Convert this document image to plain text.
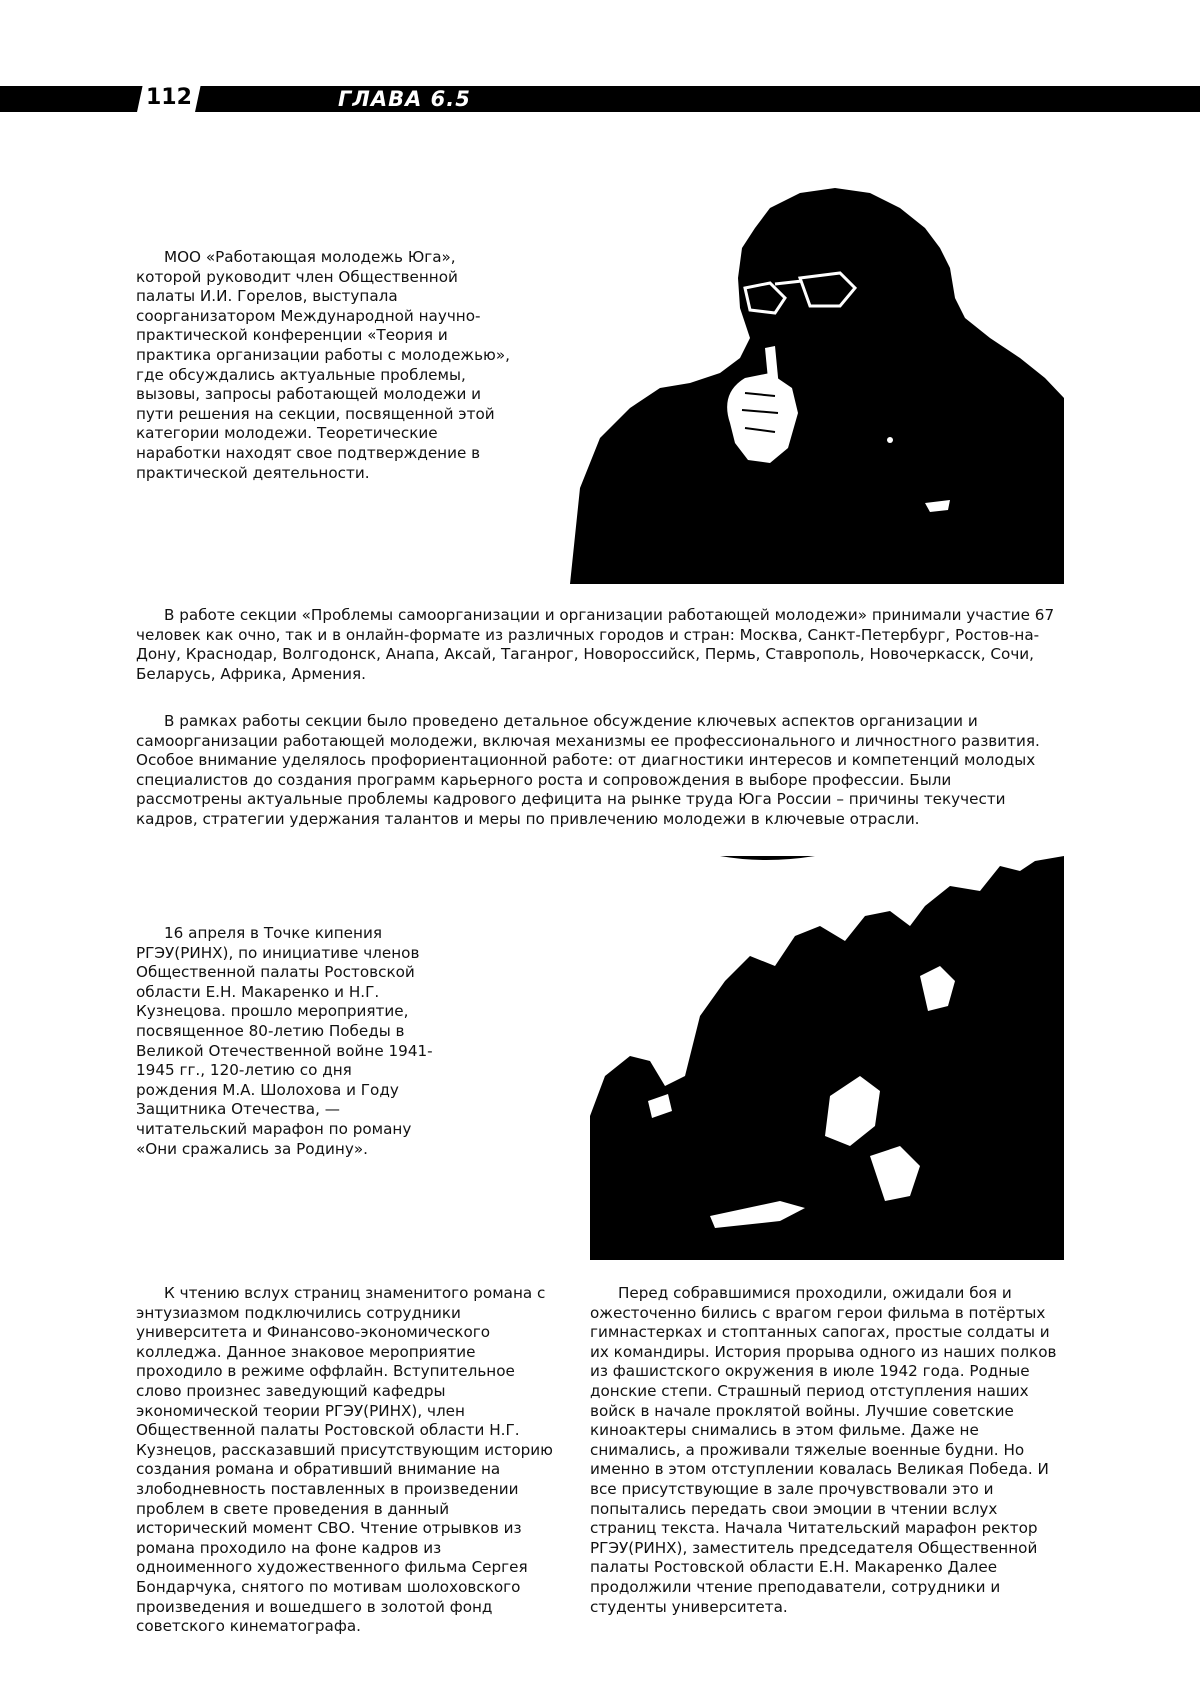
112	ГЛАВА 6.5

МОО «Работающая молодежь Юга», которой руководит член Общественной палаты И.И. Горелов, выступала соорганизатором Международной научно-практической конференции «Теория и практика организации работы с молодежью», где обсуждались актуальные проблемы, вызовы, запросы работающей молодежи и пути решения на секции, посвященной этой категории молодежи. Теоретические наработки находят свое подтверждение в практической деятельности.

В работе секции «Проблемы самоорганизации и организации работающей молодежи» принимали участие 67 человек как очно, так и в онлайн-формате из различных городов и стран: Москва, Санкт-Петербург, Ростов-на-Дону, Краснодар, Волгодонск, Анапа, Аксай, Таганрог, Новороссийск, Пермь, Ставрополь, Новочеркасск, Сочи, Беларусь, Африка, Армения.

В рамках работы секции было проведено детальное обсуждение ключевых аспектов организации и самоорганизации работающей молодежи, включая механизмы ее профессионального и личностного развития. Особое внимание уделялось профориентационной работе: от диагностики интересов и компетенций молодых специалистов до создания программ карьерного роста и сопровождения в выборе профессии. Были рассмотрены актуальные проблемы кадрового дефицита на рынке труда Юга России – причины текучести кадров, стратегии удержания талантов и меры по привлечению молодежи в ключевые отрасли.

16 апреля в Точке кипения РГЭУ(РИНХ), по инициативе членов Общественной палаты Ростовской области Е.Н. Макаренко и Н.Г. Кузнецова. прошло мероприятие, посвященное 80-летию Победы в Великой Отечественной войне 1941-1945 гг., 120-летию со дня рождения М.А. Шолохова и Году Защитника Отечества, — читательский марафон по роману «Они сражались за Родину».

К чтению вслух страниц знаменитого романа с энтузиазмом подключились сотрудники университета и Финансово-экономического колледжа. Данное знаковое мероприятие проходило в режиме оффлайн. Вступительное слово произнес заведующий кафедры экономической теории РГЭУ(РИНХ), член Общественной палаты Ростовской области Н.Г. Кузнецов, рассказавший присутствующим историю создания романа и обративший внимание на злободневность поставленных в произведении проблем в свете проведения в данный исторический момент СВО. Чтение отрывков из романа проходило на фоне кадров из одноименного художественного фильма Сергея Бондарчука, снятого по мотивам шолоховского произведения и вошедшего в золотой фонд советского кинематографа.

Перед собравшимися проходили, ожидали боя и ожесточенно бились с врагом герои фильма в потёртых гимнастерках и стоптанных сапогах, простые солдаты и их командиры. История прорыва одного из наших полков из фашистского окружения в июле 1942 года. Родные донские степи. Страшный период отступления наших войск в начале проклятой войны. Лучшие советские киноактеры снимались в этом фильме. Даже не снимались, а проживали тяжелые военные будни. Но именно в этом отступлении ковалась Великая Победа. И все присутствующие в зале прочувствовали это и попытались передать свои эмоции в чтении вслух страниц текста. Начала Читательский марафон ректор РГЭУ(РИНХ), заместитель председателя Общественной палаты Ростовской области Е.Н. Макаренко Далее продолжили чтение преподаватели, сотрудники и студенты университета.
